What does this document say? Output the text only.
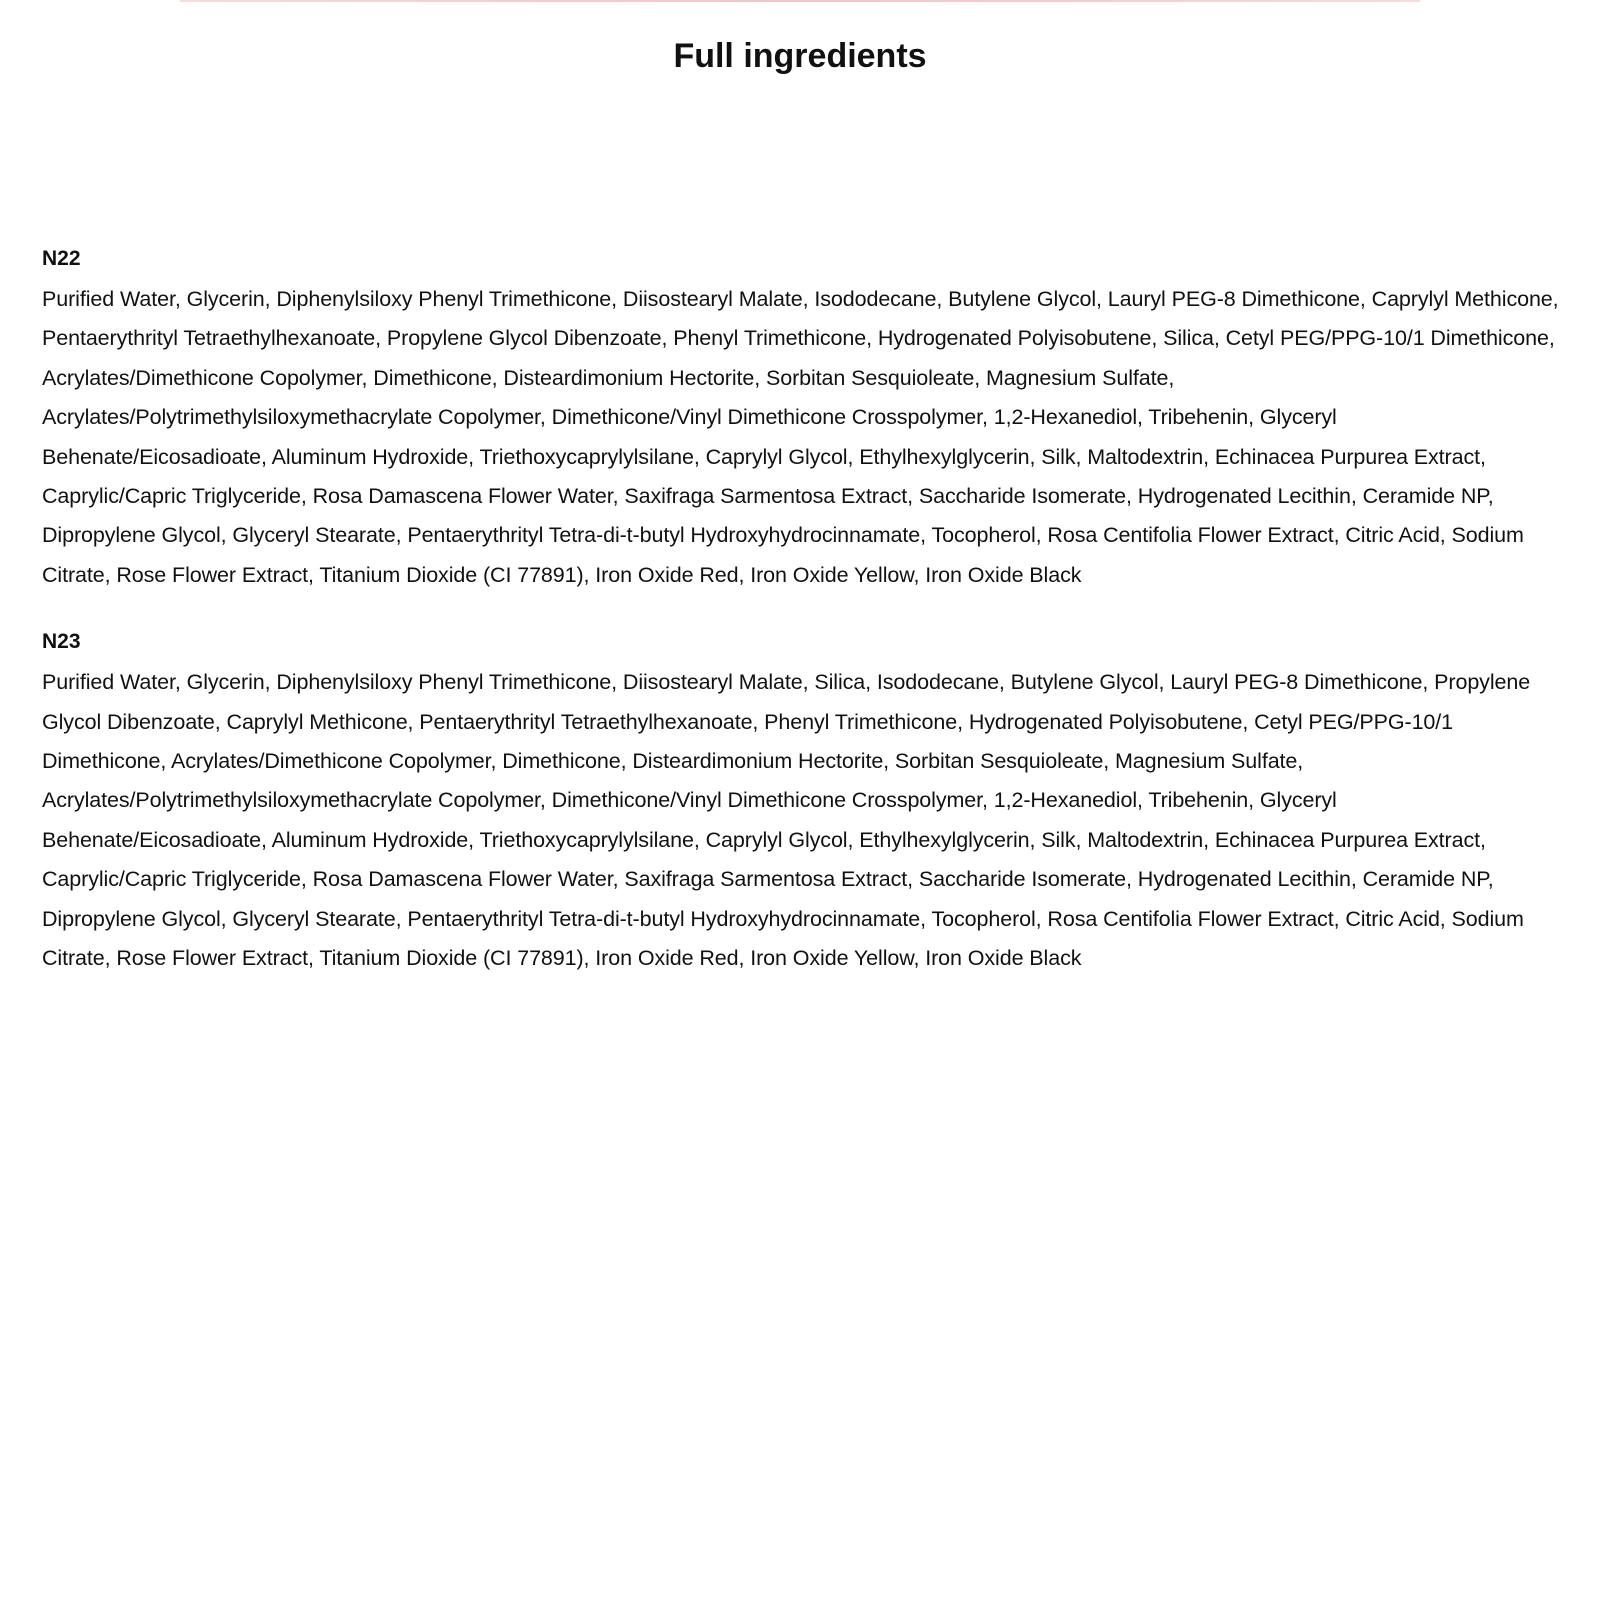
Full ingredients
N22

Purified Water, Glycerin, Diphenylsiloxy Phenyl Trimethicone, Diisostearyl Malate, Isododecane, Butylene Glycol, Lauryl PEG-8 Dimethicone, Caprylyl Methicone, Pentaerythrityl Tetraethylhexanoate, Propylene Glycol Dibenzoate, Phenyl Trimethicone, Hydrogenated Polyisobutene, Silica, Cetyl PEG/PPG-10/1 Dimethicone, Acrylates/Dimethicone Copolymer, Dimethicone, Disteardimonium Hectorite, Sorbitan Sesquioleate, Magnesium Sulfate, Acrylates/Polytrimethylsiloxymethacrylate Copolymer, Dimethicone/Vinyl Dimethicone Crosspolymer, 1,2-Hexanediol, Tribehenin, Glyceryl Behenate/Eicosadioate, Aluminum Hydroxide, Triethoxycaprylylsilane, Caprylyl Glycol, Ethylhexylglycerin, Silk, Maltodextrin, Echinacea Purpurea Extract, Caprylic/Capric Triglyceride, Rosa Damascena Flower Water, Saxifraga Sarmentosa Extract, Saccharide Isomerate, Hydrogenated Lecithin, Ceramide NP, Dipropylene Glycol, Glyceryl Stearate, Pentaerythrityl Tetra-di-t-butyl Hydroxyhydrocinnamate, Tocopherol, Rosa Centifolia Flower Extract, Citric Acid, Sodium Citrate, Rose Flower Extract, Titanium Dioxide (CI 77891), Iron Oxide Red, Iron Oxide Yellow, Iron Oxide Black

N23

Purified Water, Glycerin, Diphenylsiloxy Phenyl Trimethicone, Diisostearyl Malate, Silica, Isododecane, Butylene Glycol, Lauryl PEG-8 Dimethicone, Propylene Glycol Dibenzoate, Caprylyl Methicone, Pentaerythrityl Tetraethylhexanoate, Phenyl Trimethicone, Hydrogenated Polyisobutene, Cetyl PEG/PPG-10/1 Dimethicone, Acrylates/Dimethicone Copolymer, Dimethicone, Disteardimonium Hectorite, Sorbitan Sesquioleate, Magnesium Sulfate, Acrylates/Polytrimethylsiloxymethacrylate Copolymer, Dimethicone/Vinyl Dimethicone Crosspolymer, 1,2-Hexanediol, Tribehenin, Glyceryl Behenate/Eicosadioate, Aluminum Hydroxide, Triethoxycaprylylsilane, Caprylyl Glycol, Ethylhexylglycerin, Silk, Maltodextrin, Echinacea Purpurea Extract, Caprylic/Capric Triglyceride, Rosa Damascena Flower Water, Saxifraga Sarmentosa Extract, Saccharide Isomerate, Hydrogenated Lecithin, Ceramide NP, Dipropylene Glycol, Glyceryl Stearate, Pentaerythrityl Tetra-di-t-butyl Hydroxyhydrocinnamate, Tocopherol, Rosa Centifolia Flower Extract, Citric Acid, Sodium Citrate, Rose Flower Extract, Titanium Dioxide (CI 77891), Iron Oxide Red, Iron Oxide Yellow, Iron Oxide Black
